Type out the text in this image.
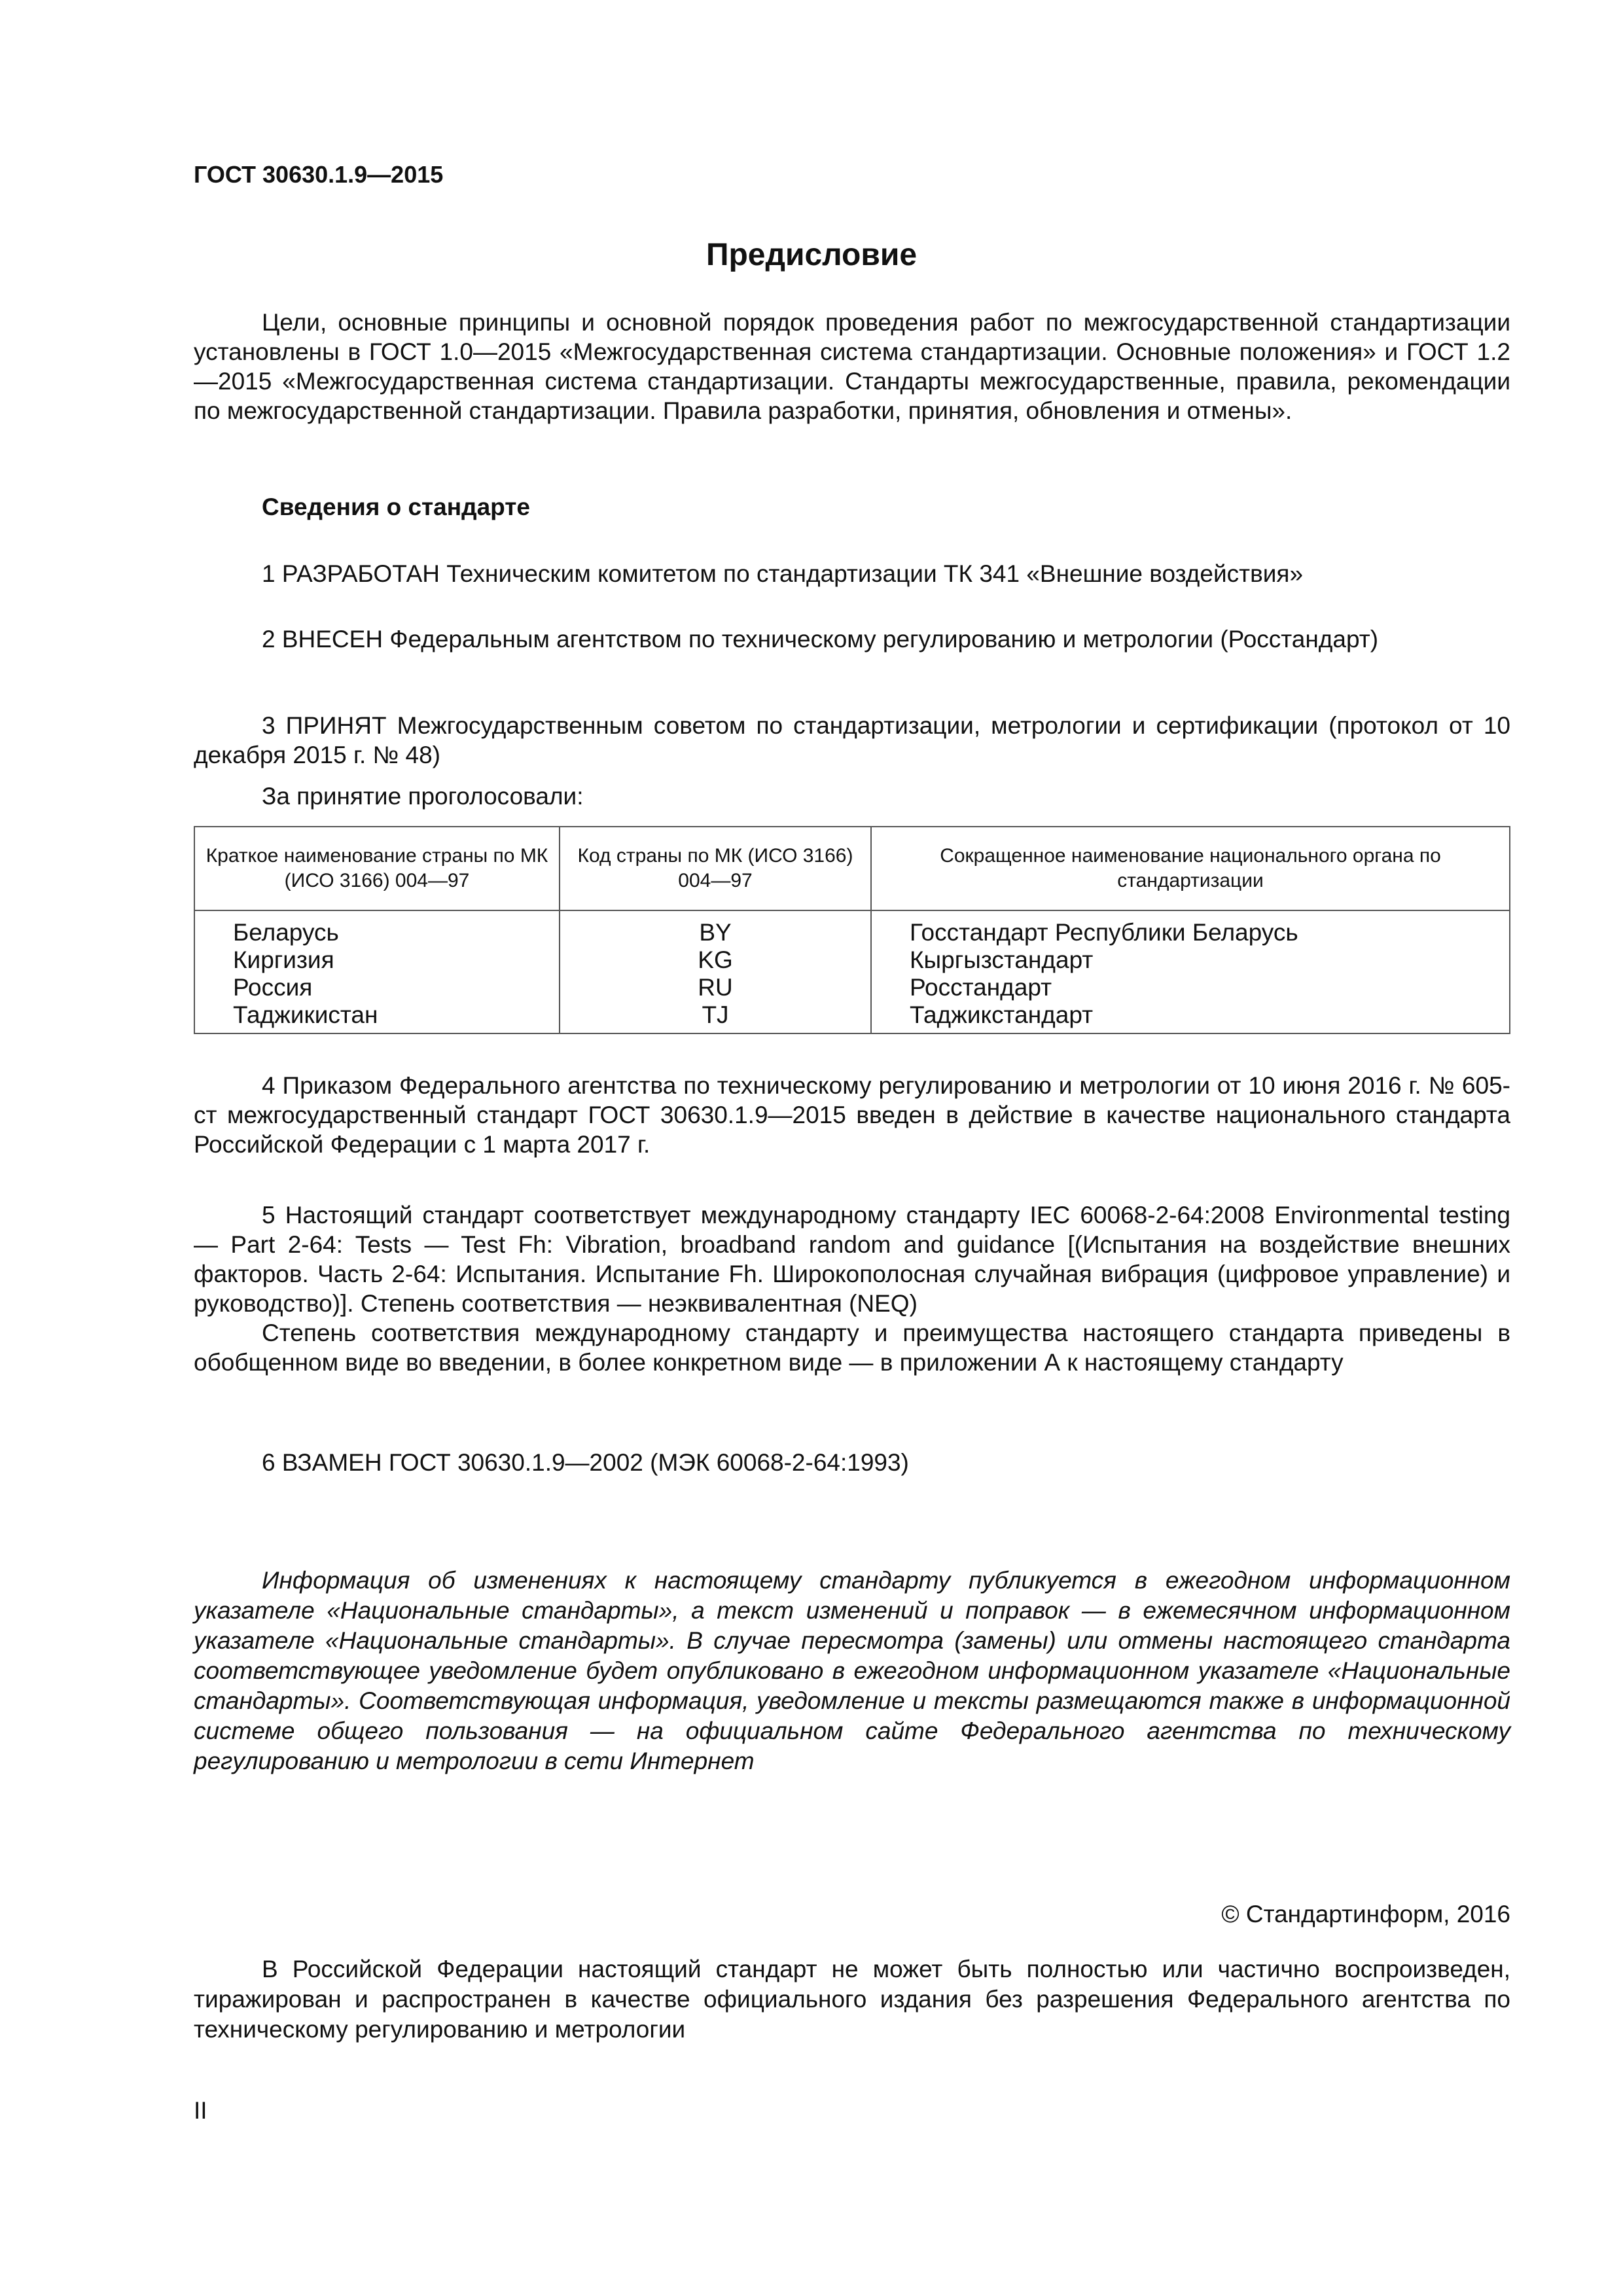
ГОСТ 30630.1.9—2015
Предисловие

Цели, основные принципы и основной порядок проведения работ по межгосударственной стандартизации установлены в ГОСТ 1.0—2015 «Межгосударственная система стандартизации. Основные положения» и ГОСТ 1.2—2015 «Межгосударственная система стандартизации. Стандарты межгосударственные, правила, рекомендации по межгосударственной стандартизации. Правила разработки, принятия, обновления и отмены».

Сведения о стандарте

1 РАЗРАБОТАН Техническим комитетом по стандартизации ТК 341 «Внешние воздействия»

2 ВНЕСЕН Федеральным агентством по техническому регулированию и метрологии (Росстандарт)

3 ПРИНЯТ Межгосударственным советом по стандартизации, метрологии и сертификации (протокол от 10 декабря 2015 г. № 48)

За принятие проголосовали:
Краткое наименование страны по МК (ИСО 3166) 004—97	Код страны по МК (ИСО 3166) 004—97	Сокращенное наименование национального органа по стандартизации
Беларусь	BY	Госстандарт Республики Беларусь
Киргизия	KG	Кыргызстандарт
Россия	RU	Росстандарт
Таджикистан	TJ	Таджикстандарт

4 Приказом Федерального агентства по техническому регулированию и метрологии от 10 июня 2016 г. № 605-ст межгосударственный стандарт ГОСТ 30630.1.9—2015 введен в действие в качестве национального стандарта Российской Федерации с 1 марта 2017 г.

5 Настоящий стандарт соответствует международному стандарту IEC 60068-2-64:2008 Environmental testing — Part 2-64: Tests — Test Fh: Vibration, broadband random and guidance [(Испытания на воздействие внешних факторов. Часть 2-64: Испытания. Испытание Fh. Широкополосная случайная вибрация (цифровое управление) и руководство)]. Степень соответствия — неэквивалентная (NEQ)

Степень соответствия международному стандарту и преимущества настоящего стандарта приведены в обобщенном виде во введении, в более конкретном виде — в приложении А к настоящему стандарту

6 ВЗАМЕН ГОСТ 30630.1.9—2002 (МЭК 60068-2-64:1993)

Информация об изменениях к настоящему стандарту публикуется в ежегодном информационном указателе «Национальные стандарты», а текст изменений и поправок — в ежемесячном информационном указателе «Национальные стандарты». В случае пересмотра (замены) или отмены настоящего стандарта соответствующее уведомление будет опубликовано в ежегодном информационном указателе «Национальные стандарты». Соответствующая информация, уведомление и тексты размещаются также в информационной системе общего пользования — на официальном сайте Федерального агентства по техническому регулированию и метрологии в сети Интернет

© Стандартинформ, 2016

В Российской Федерации настоящий стандарт не может быть полностью или частично воспроизведен, тиражирован и распространен в качестве официального издания без разрешения Федерального агентства по техническому регулированию и метрологии

II
